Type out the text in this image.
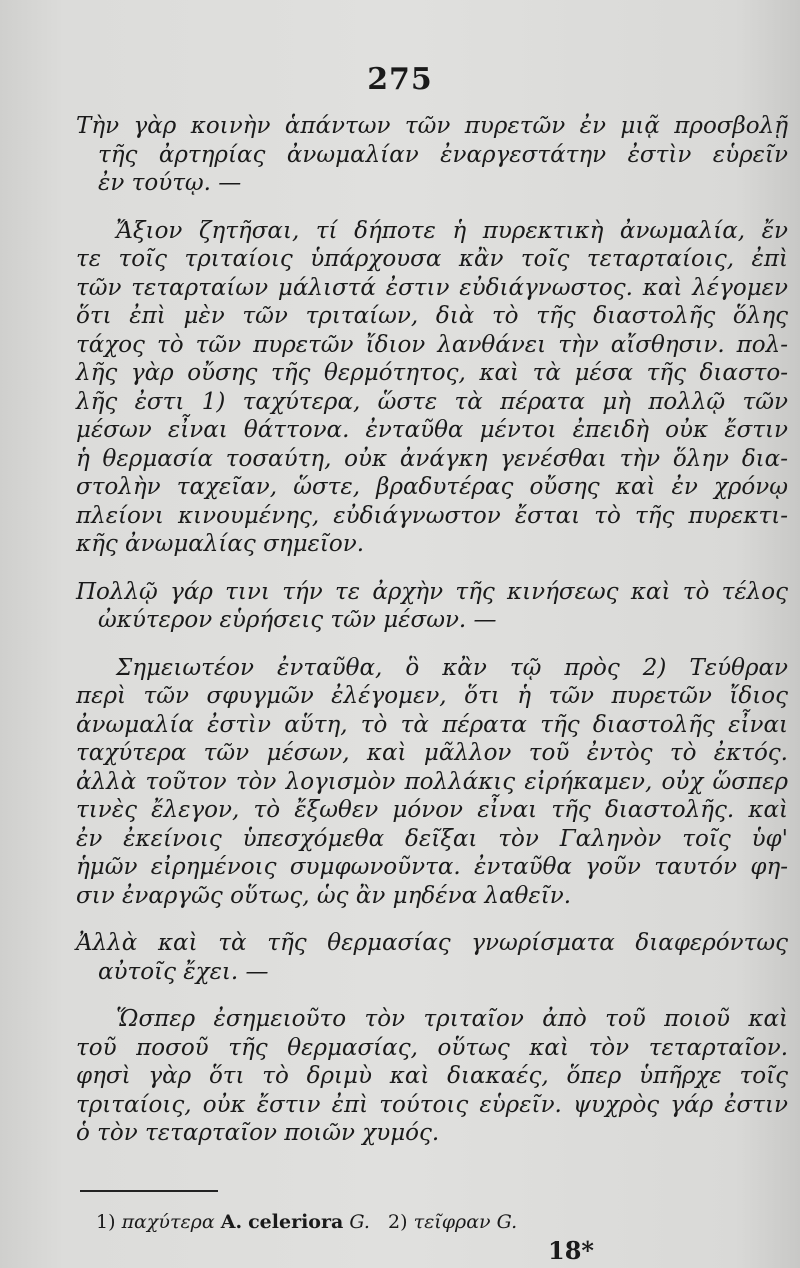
275

Τὴν γὰρ κοινὴν ἁπάντων τῶν πυρετῶν ἐν μιᾷ προσβολῇ
τῆς ἀρτηρίας ἀνωμαλίαν ἐναργεστάτην ἐστὶν εὑρεῖν
ἐν τούτῳ. —

Ἄξιον ζητῆσαι, τί δήποτε ἡ πυρεκτικὴ ἀνωμαλία, ἔν
τε τοῖς τριταίοις ὑπάρχουσα κἂν τοῖς τεταρταίοις, ἐπὶ
τῶν τεταρταίων μάλιστά ἐστιν εὐδιάγνωστος. καὶ λέγομεν
ὅτι ἐπὶ μὲν τῶν τριταίων, διὰ τὸ τῆς διαστολῆς ὅλης
τάχος τὸ τῶν πυρετῶν ἴδιον λανθάνει τὴν αἴσθησιν. πολ-
λῆς γὰρ οὔσης τῆς θερμότητος, καὶ τὰ μέσα τῆς διαστο-
λῆς ἐστι 1) ταχύτερα, ὥστε τὰ πέρατα μὴ πολλῷ τῶν
μέσων εἶναι θάττονα. ἐνταῦθα μέντοι ἐπειδὴ οὐκ ἔστιν
ἡ θερμασία τοσαύτη, οὐκ ἀνάγκη γενέσθαι τὴν ὅλην δια-
στολὴν ταχεῖαν, ὥστε, βραδυτέρας οὔσης καὶ ἐν χρόνῳ
πλείονι κινουμένης, εὐδιάγνωστον ἔσται τὸ τῆς πυρεκτι-
κῆς ἀνωμαλίας σημεῖον.

Πολλῷ γάρ τινι τήν τε ἀρχὴν τῆς κινήσεως καὶ τὸ τέλος
ὠκύτερον εὑρήσεις τῶν μέσων. —

Σημειωτέον ἐνταῦθα, ὃ κἂν τῷ πρὸς 2) Τεύθραν
περὶ τῶν σφυγμῶν ἐλέγομεν, ὅτι ἡ τῶν πυρετῶν ἴδιος
ἀνωμαλία ἐστὶν αὕτη, τὸ τὰ πέρατα τῆς διαστολῆς εἶναι
ταχύτερα τῶν μέσων, καὶ μᾶλλον τοῦ ἐντὸς τὸ ἐκτός.
ἀλλὰ τοῦτον τὸν λογισμὸν πολλάκις εἰρήκαμεν, οὐχ ὥσπερ
τινὲς ἔλεγον, τὸ ἔξωθεν μόνον εἶναι τῆς διαστολῆς. καὶ
ἐν ἐκείνοις ὑπεσχόμεθα δεῖξαι τὸν Γαληνὸν τοῖς ὑφ'
ἡμῶν εἰρημένοις συμφωνοῦντα. ἐνταῦθα γοῦν ταυτόν φη-
σιν ἐναργῶς οὕτως, ὡς ἂν μηδένα λαθεῖν.

Ἀλλὰ καὶ τὰ τῆς θερμασίας γνωρίσματα διαφερόντως
αὐτοῖς ἔχει. —

Ὥσπερ ἐσημειοῦτο τὸν τριταῖον ἀπὸ τοῦ ποιοῦ καὶ
τοῦ ποσοῦ τῆς θερμασίας, οὕτως καὶ τὸν τεταρταῖον.
φησὶ γὰρ ὅτι τὸ δριμὺ καὶ διακαές, ὅπερ ὑπῆρχε τοῖς
τριταίοις, οὐκ ἔστιν ἐπὶ τούτοις εὑρεῖν. ψυχρὸς γάρ ἐστιν
ὁ τὸν τεταρταῖον ποιῶν χυμός.

1) παχύτερα A. celeriora G. 2) τεῖφραν G.
18*
